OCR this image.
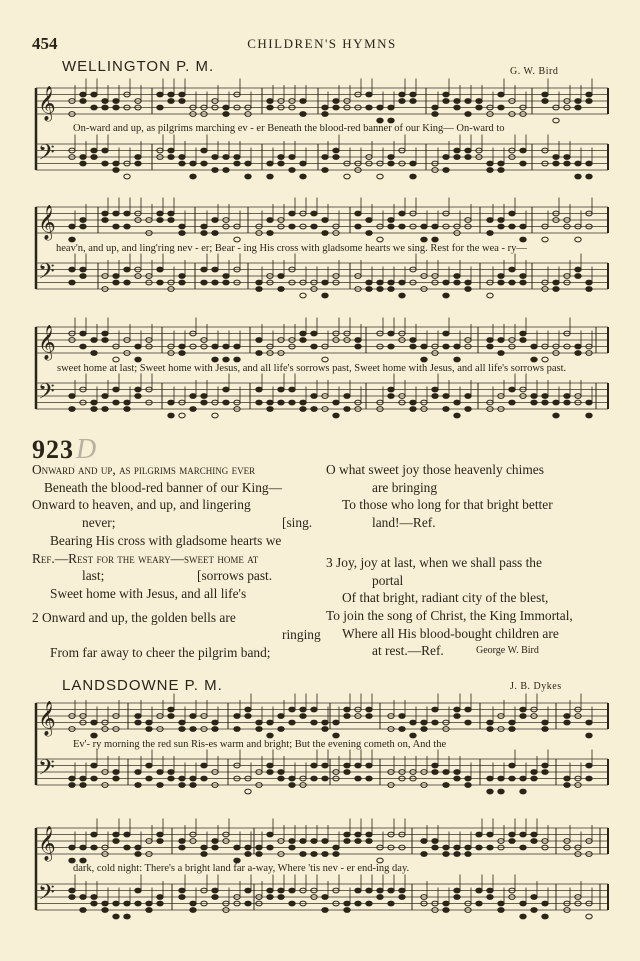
454	CHILDREN'S HYMNS
WELLINGTON P. M.	G. W. Bird
𝄞
𝄢
𝄞
𝄢
𝄞
𝄢
On-ward and up, as pilgrims marching ev - er Beneath the blood-red banner of our King— On-ward to
heav'n, and up, and ling'ring nev - er; Bear - ing His cross with gladsome hearts we sing. Rest for the wea - ry—
sweet home at last; Sweet home with Jesus, and all life's sorrows past, Sweet home with Jesus, and all life's sorrows past.
923D
Onward and up, as pilgrims marching ever
Beneath the blood-red banner of our King—
Onward to heaven, and up, and lingering
never;	[sing.
Bearing His cross with gladsome hearts we
Ref.—Rest for the weary—sweet home at
last;	[sorrows past.
Sweet home with Jesus, and all life's
2 Onward and up, the golden bells are
ringing
From far away to cheer the pilgrim band;
O what sweet joy those heavenly chimes
are bringing
To those who long for that bright better
land!—Ref.
3 Joy, joy at last, when we shall pass the
portal
Of that bright, radiant city of the blest,
To join the song of Christ, the King Immortal,
Where all His blood-bought children are
at rest.—Ref.	George W. Bird
LANDSDOWNE P. M.	J. B. Dykes
𝄞
𝄢
𝄞
𝄢
Ev'- ry morning the red sun Ris-es warm and bright; But the evening cometh on, And the
dark, cold night: There's a bright land far a-way, Where 'tis nev - er end-ing day.
